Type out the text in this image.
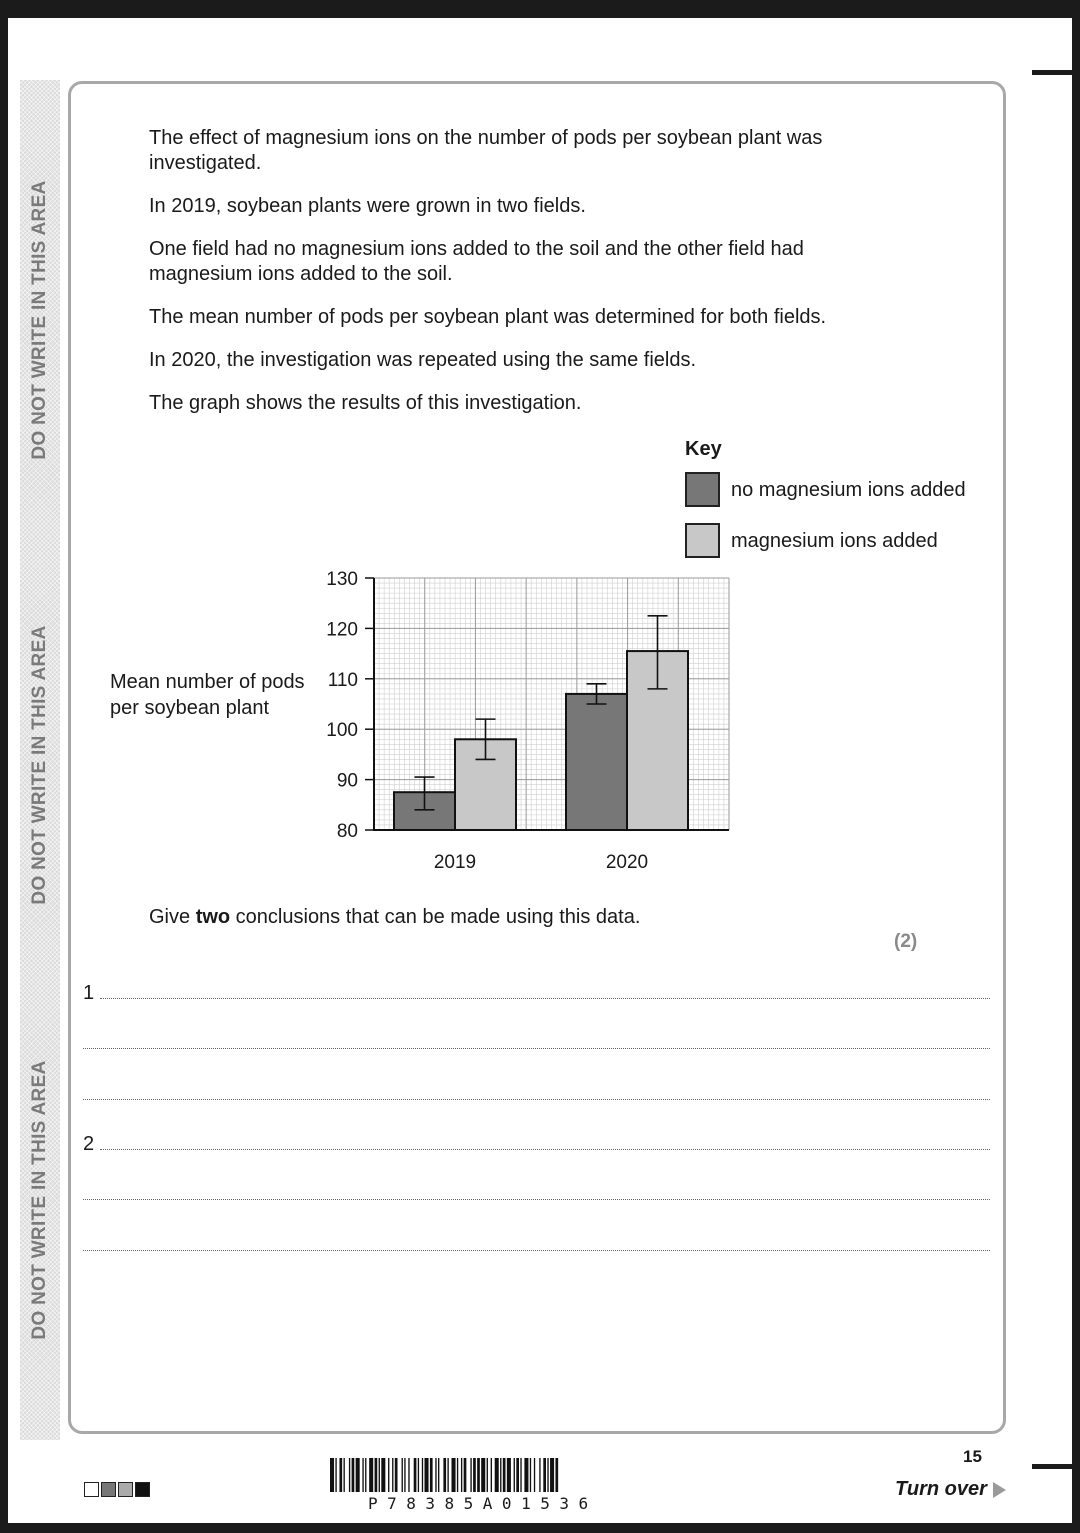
DO NOT WRITE IN THIS AREA
DO NOT WRITE IN THIS AREA
DO NOT WRITE IN THIS AREA

The effect of magnesium ions on the number of pods per soybean plant was investigated.

In 2019, soybean plants were grown in two fields.

One field had no magnesium ions added to the soil and the other field had magnesium ions added to the soil.

The mean number of pods per soybean plant was determined for both fields.

In 2020, the investigation was repeated using the same fields.

The graph shows the results of this investigation.

Key
no magnesium ions added
magnesium ions added
Mean number of pods per soybean plant
80
90
100
110
120
130
2019	2020
Give two conclusions that can be made using this data.
(2)
1
2
P78385A01536
15
Turn over
